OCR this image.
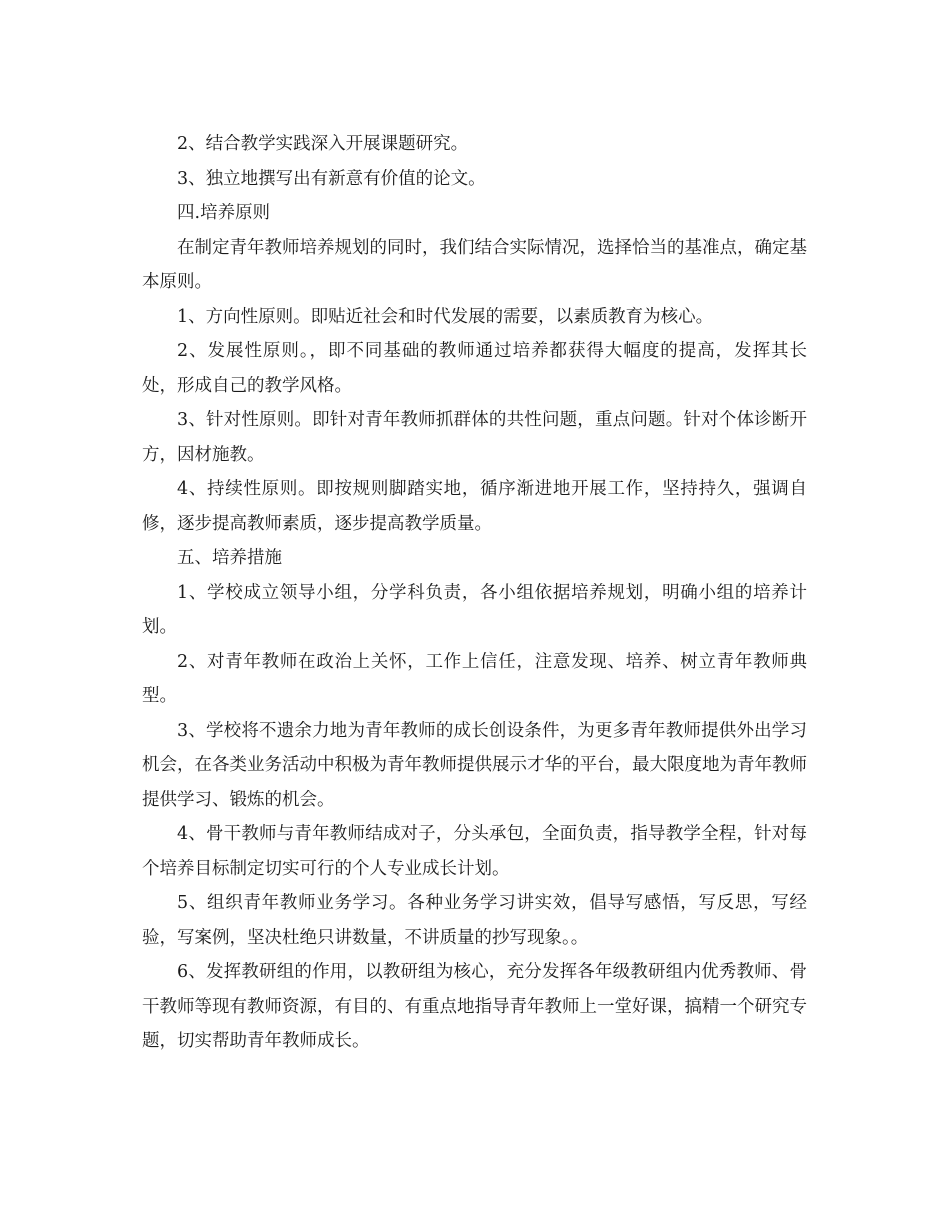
2、结合教学实践深入开展课题研究。

3、独立地撰写出有新意有价值的论文。

四.培养原则

在制定青年教师培养规划的同时，我们结合实际情况，选择恰当的基准点，确定基本原则。

1、方向性原则。即贴近社会和时代发展的需要，以素质教育为核心。

2、发展性原则。，即不同基础的教师通过培养都获得大幅度的提高，发挥其长处，形成自己的教学风格。

3、针对性原则。即针对青年教师抓群体的共性问题，重点问题。针对个体诊断开方，因材施教。

4、持续性原则。即按规则脚踏实地，循序渐进地开展工作，坚持持久，强调自修，逐步提高教师素质，逐步提高教学质量。

五、培养措施

1、学校成立领导小组，分学科负责，各小组依据培养规划，明确小组的培养计划。

2、对青年教师在政治上关怀，工作上信任，注意发现、培养、树立青年教师典型。

3、学校将不遗余力地为青年教师的成长创设条件，为更多青年教师提供外出学习机会，在各类业务活动中积极为青年教师提供展示才华的平台，最大限度地为青年教师提供学习、锻炼的机会。

4、骨干教师与青年教师结成对子，分头承包，全面负责，指导教学全程，针对每个培养目标制定切实可行的个人专业成长计划。

5、组织青年教师业务学习。各种业务学习讲实效，倡导写感悟，写反思，写经验，写案例，坚决杜绝只讲数量，不讲质量的抄写现象。。

6、发挥教研组的作用，以教研组为核心，充分发挥各年级教研组内优秀教师、骨干教师等现有教师资源，有目的、有重点地指导青年教师上一堂好课，搞精一个研究专题，切实帮助青年教师成长。
